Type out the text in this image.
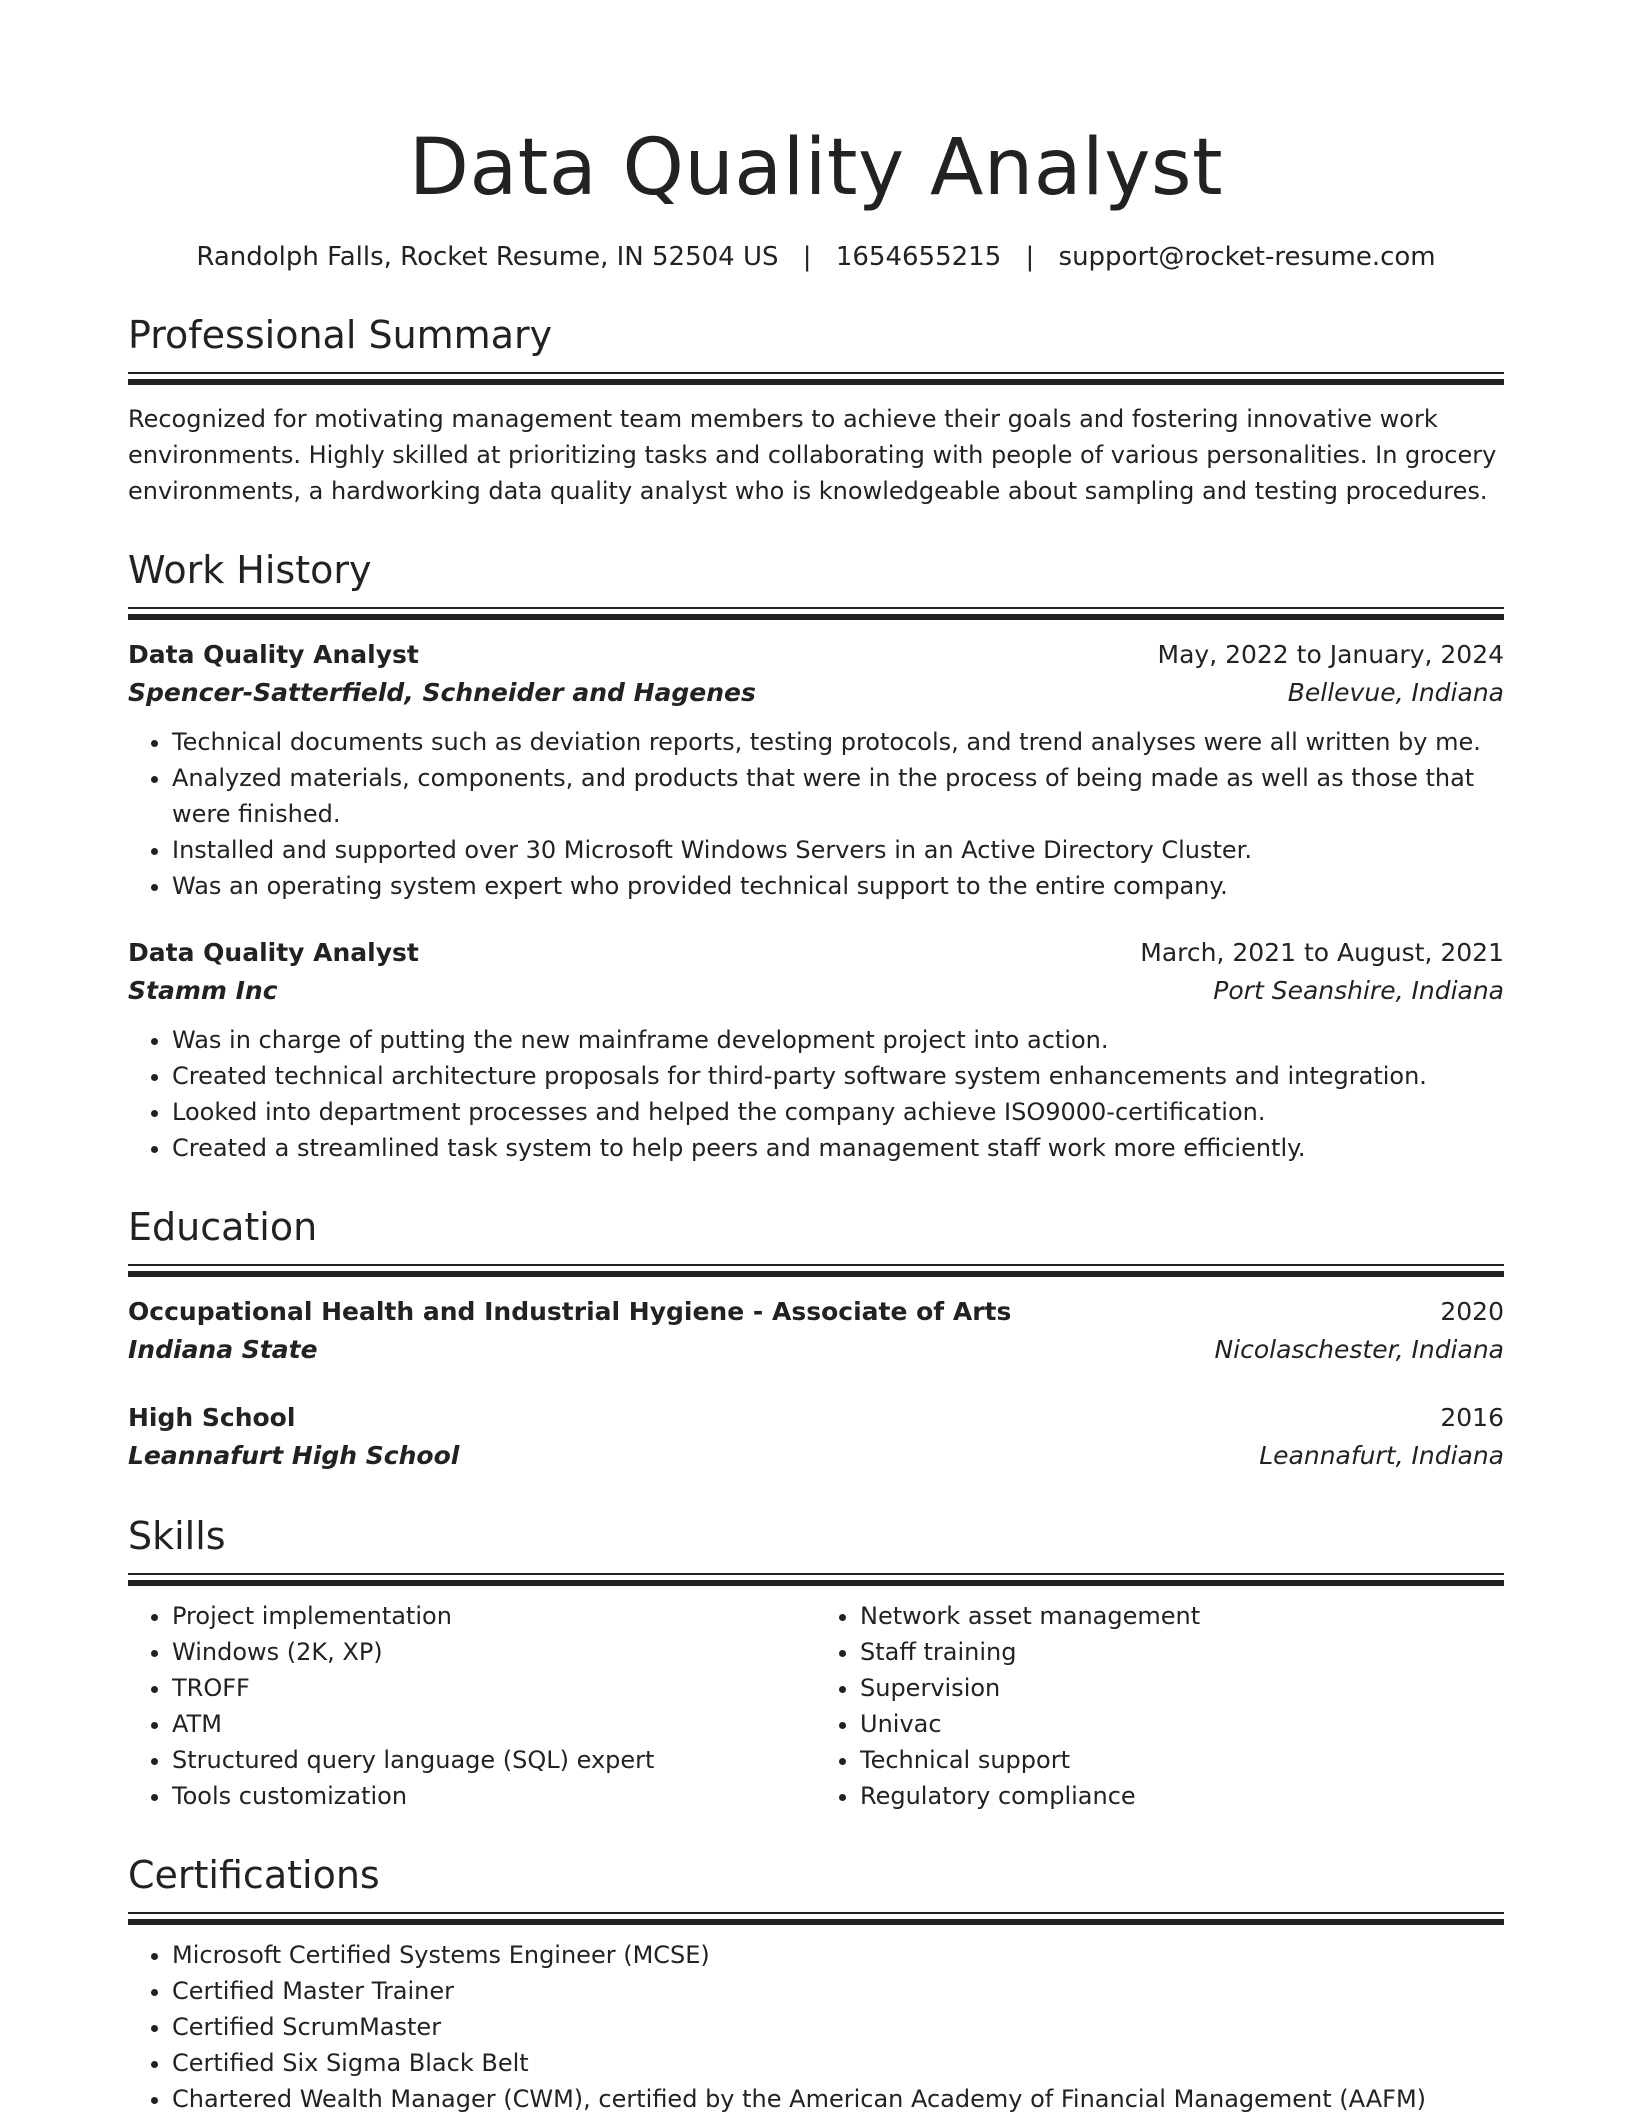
Data Quality Analyst
Randolph Falls, Rocket Resume, IN 52504 US | 1654655215 | support@rocket-resume.com
Professional Summary

Recognized for motivating management team members to achieve their goals and fostering innovative work environments. Highly skilled at prioritizing tasks and collaborating with people of various personalities. In grocery environments, a hardworking data quality analyst who is knowledgeable about sampling and testing procedures.

Work History
Data Quality Analyst	May, 2022 to January, 2024
Spencer-Satterfield, Schneider and Hagenes	Bellevue, Indiana
• Technical documents such as deviation reports, testing protocols, and trend analyses were all written by me.
• Analyzed materials, components, and products that were in the process of being made as well as those that were finished.
• Installed and supported over 30 Microsoft Windows Servers in an Active Directory Cluster.
• Was an operating system expert who provided technical support to the entire company.
Data Quality Analyst	March, 2021 to August, 2021
Stamm Inc	Port Seanshire, Indiana
• Was in charge of putting the new mainframe development project into action.
• Created technical architecture proposals for third-party software system enhancements and integration.
• Looked into department processes and helped the company achieve ISO9000-certification.
• Created a streamlined task system to help peers and management staff work more efficiently.
Education
Occupational Health and Industrial Hygiene - Associate of Arts	2020
Indiana State	Nicolaschester, Indiana
High School	2016
Leannafurt High School	Leannafurt, Indiana
Skills
• Project implementation
• Windows (2K, XP)
• TROFF
• ATM
• Structured query language (SQL) expert
• Tools customization
• Network asset management
• Staff training
• Supervision
• Univac
• Technical support
• Regulatory compliance
Certifications
• Microsoft Certified Systems Engineer (MCSE)
• Certified Master Trainer
• Certified ScrumMaster
• Certified Six Sigma Black Belt
• Chartered Wealth Manager (CWM), certified by the American Academy of Financial Management (AAFM)
